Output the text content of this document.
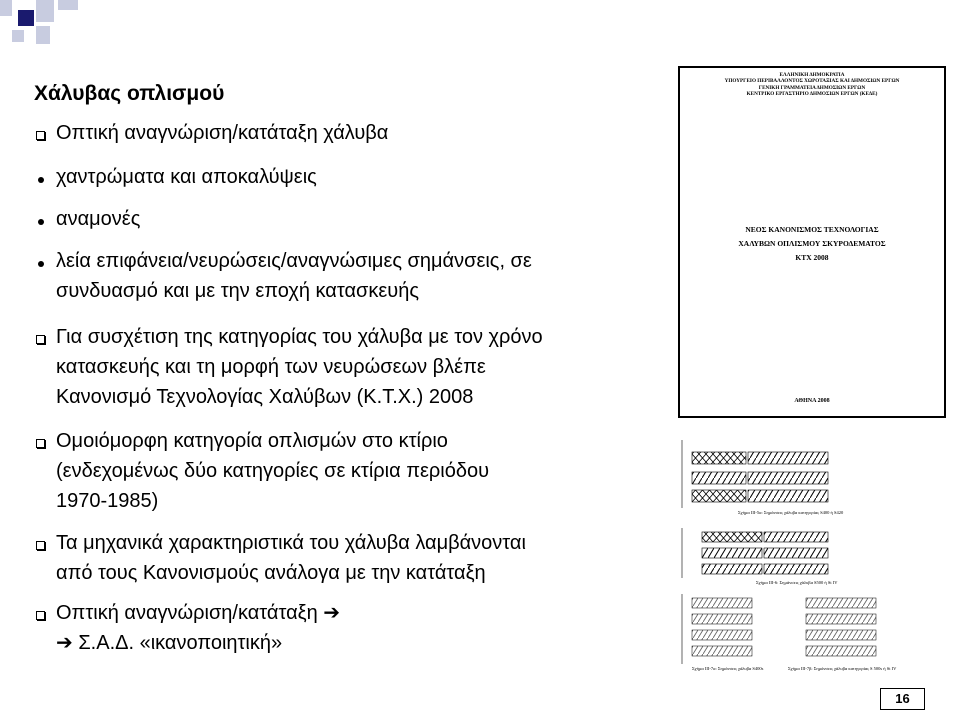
Χάλυβας οπλισμού
Οπτική αναγνώριση/κατάταξη χάλυβα
χαντρώματα και αποκαλύψεις
αναμονές
λεία επιφάνεια/νευρώσεις/αναγνώσιμες σημάνσεις, σε
συνδυασμό και με την εποχή κατασκευής
Για συσχέτιση της κατηγορίας του χάλυβα με τον χρόνο
κατασκευής και τη μορφή των νευρώσεων βλέπε
Κανονισμό Τεχνολογίας Χαλύβων (Κ.Τ.Χ.) 2008
Ομοιόμορφη κατηγορία οπλισμών στο κτίριο
(ενδεχομένως δύο κατηγορίες σε κτίρια περιόδου
1970-1985)
Τα μηχανικά χαρακτηριστικά του χάλυβα λαμβάνονται
από τους Κανονισμούς ανάλογα με την κατάταξη
Οπτική αναγνώριση/κατάταξη ➔
➔ Σ.Α.Δ. «ικανοποιητική»
ΕΛΛΗΝΙΚΗ ΔΗΜΟΚΡΑΤΙΑ
ΥΠΟΥΡΓΕΙΟ ΠΕΡΙΒΑΛΛΟΝΤΟΣ ΧΩΡΟΤΑΞΙΑΣ ΚΑΙ ΔΗΜΟΣΙΩΝ ΕΡΓΩΝ
ΓΕΝΙΚΗ ΓΡΑΜΜΑΤΕΙΑ ΔΗΜΟΣΙΩΝ ΕΡΓΩΝ
ΚΕΝΤΡΙΚΟ ΕΡΓΑΣΤΗΡΙΟ ΔΗΜΟΣΙΩΝ ΕΡΓΩΝ (ΚΕΔΕ)
ΝΕΟΣ ΚΑΝΟΝΙΣΜΟΣ ΤΕΧΝΟΛΟΓΙΑΣ
ΧΑΛΥΒΩΝ ΟΠΛΙΣΜΟΥ ΣΚΥΡΟΔΕΜΑΤΟΣ
ΚΤΧ 2008
ΑΘΗΝΑ 2008
Σχήμα ΙΙΙ-5α: Σημάνσεις χάλυβα κατηγορίας S400 ή S420
Σχήμα ΙΙΙ-6: Σημάνσεις χάλυβα S500 ή St IV
Σχήμα ΙΙΙ-7α: Σημάνσεις χάλυβα S400s	Σχήμα ΙΙΙ-7β: Σημάνσεις χάλυβα κατηγορίας S 500s ή St IV
16
